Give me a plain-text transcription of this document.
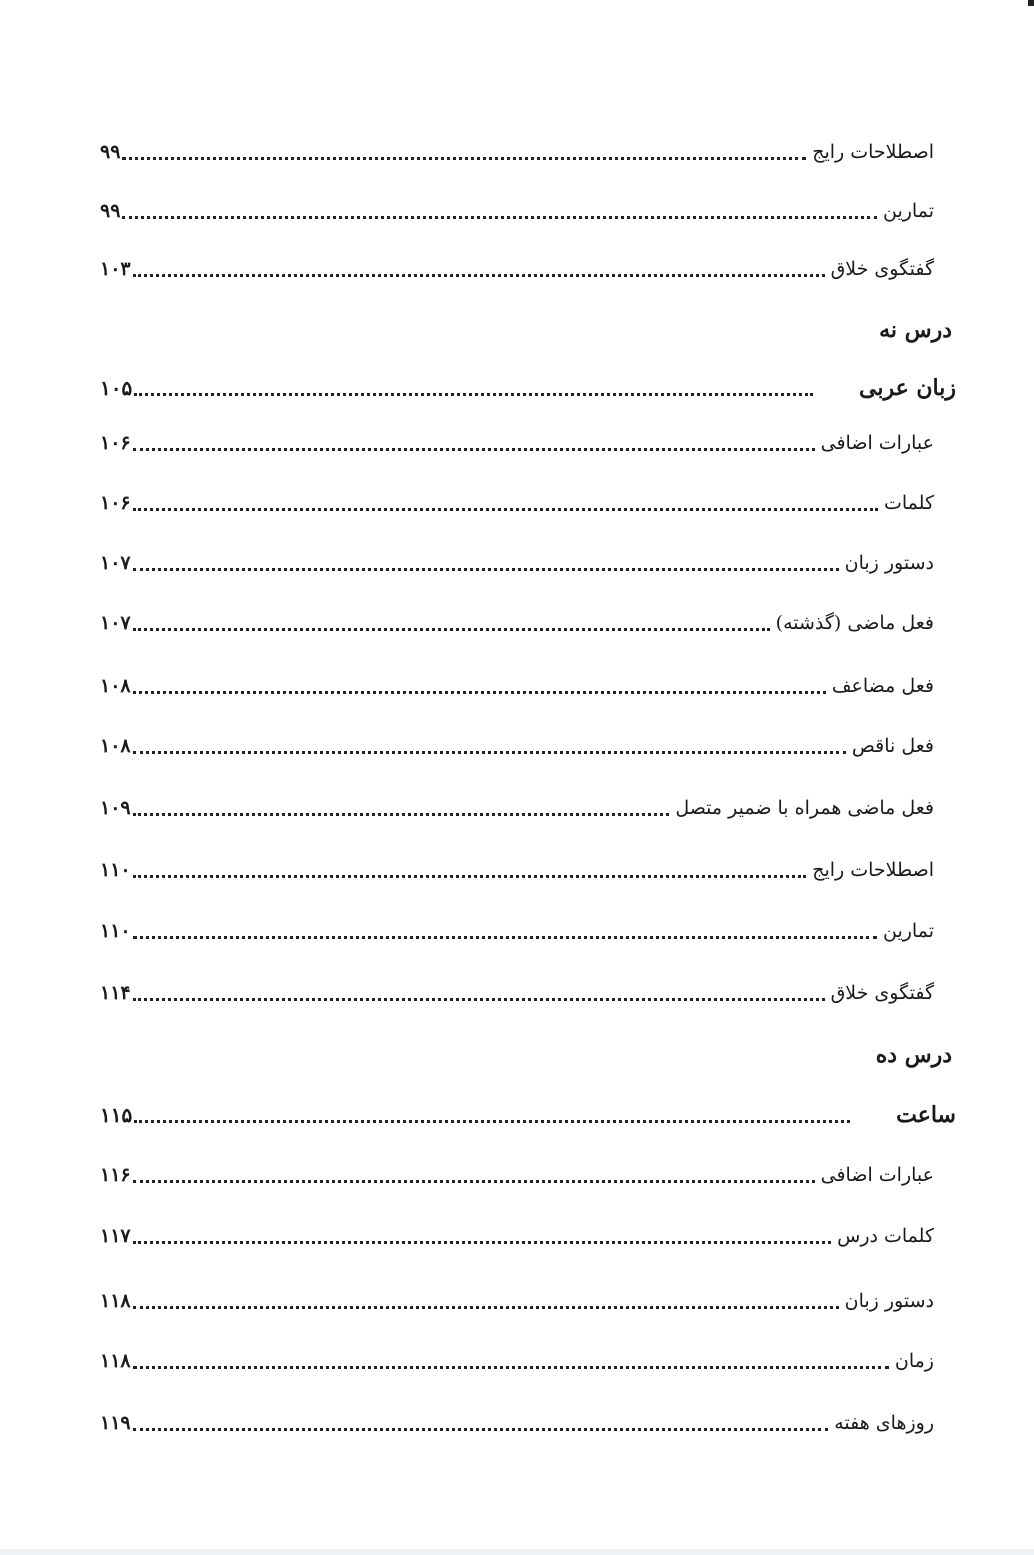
اصطلاحات رایج
۹۹
تمارین
۹۹
گفتگوی خلاق
۱۰۳
درس نه
زبان عربی
۱۰۵
عبارات اضافی
۱۰۶
کلمات
۱۰۶
دستور زبان
۱۰۷
فعل ماضی (گذشته)
۱۰۷
فعل مضاعف
۱۰۸
فعل ناقص
۱۰۸
فعل ماضی همراه با ضمیر متصل
۱۰۹
اصطلاحات رایج
۱۱۰
تمارین
۱۱۰
گفتگوی خلاق
۱۱۴
درس ده
ساعت
۱۱۵
عبارات اضافی
۱۱۶
کلمات درس
۱۱۷
دستور زبان
۱۱۸
زمان
۱۱۸
روزهای هفته
۱۱۹
